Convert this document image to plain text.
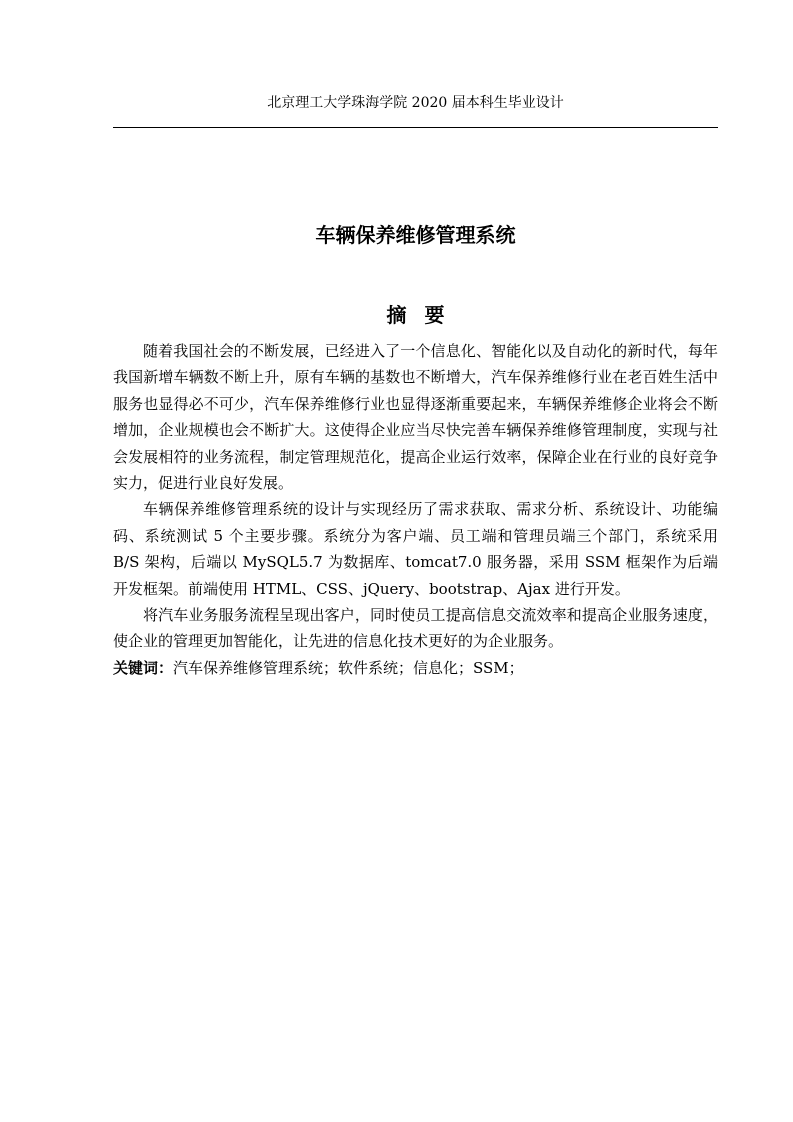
北京理工大学珠海学院 2020 届本科生毕业设计
车辆保养维修管理系统
摘要

随着我国社会的不断发展，已经进入了一个信息化、智能化以及自动化的新时代，每年我国新增车辆数不断上升，原有车辆的基数也不断增大，汽车保养维修行业在老百姓生活中服务也显得必不可少，汽车保养维修行业也显得逐渐重要起来，车辆保养维修企业将会不断增加，企业规模也会不断扩大。这使得企业应当尽快完善车辆保养维修管理制度，实现与社会发展相符的业务流程，制定管理规范化，提高企业运行效率，保障企业在行业的良好竞争实力，促进行业良好发展。

车辆保养维修管理系统的设计与实现经历了需求获取、需求分析、系统设计、功能编码、系统测试 5 个主要步骤。系统分为客户端、员工端和管理员端三个部门，系统采用 B/S 架构，后端以 MySQL5.7 为数据库、tomcat7.0 服务器，采用 SSM 框架作为后端开发框架。前端使用 HTML、CSS、jQuery、bootstrap、Ajax 进行开发。

将汽车业务服务流程呈现出客户，同时使员工提高信息交流效率和提高企业服务速度，使企业的管理更加智能化，让先进的信息化技术更好的为企业服务。

关键词：汽车保养维修管理系统；软件系统；信息化；SSM；
